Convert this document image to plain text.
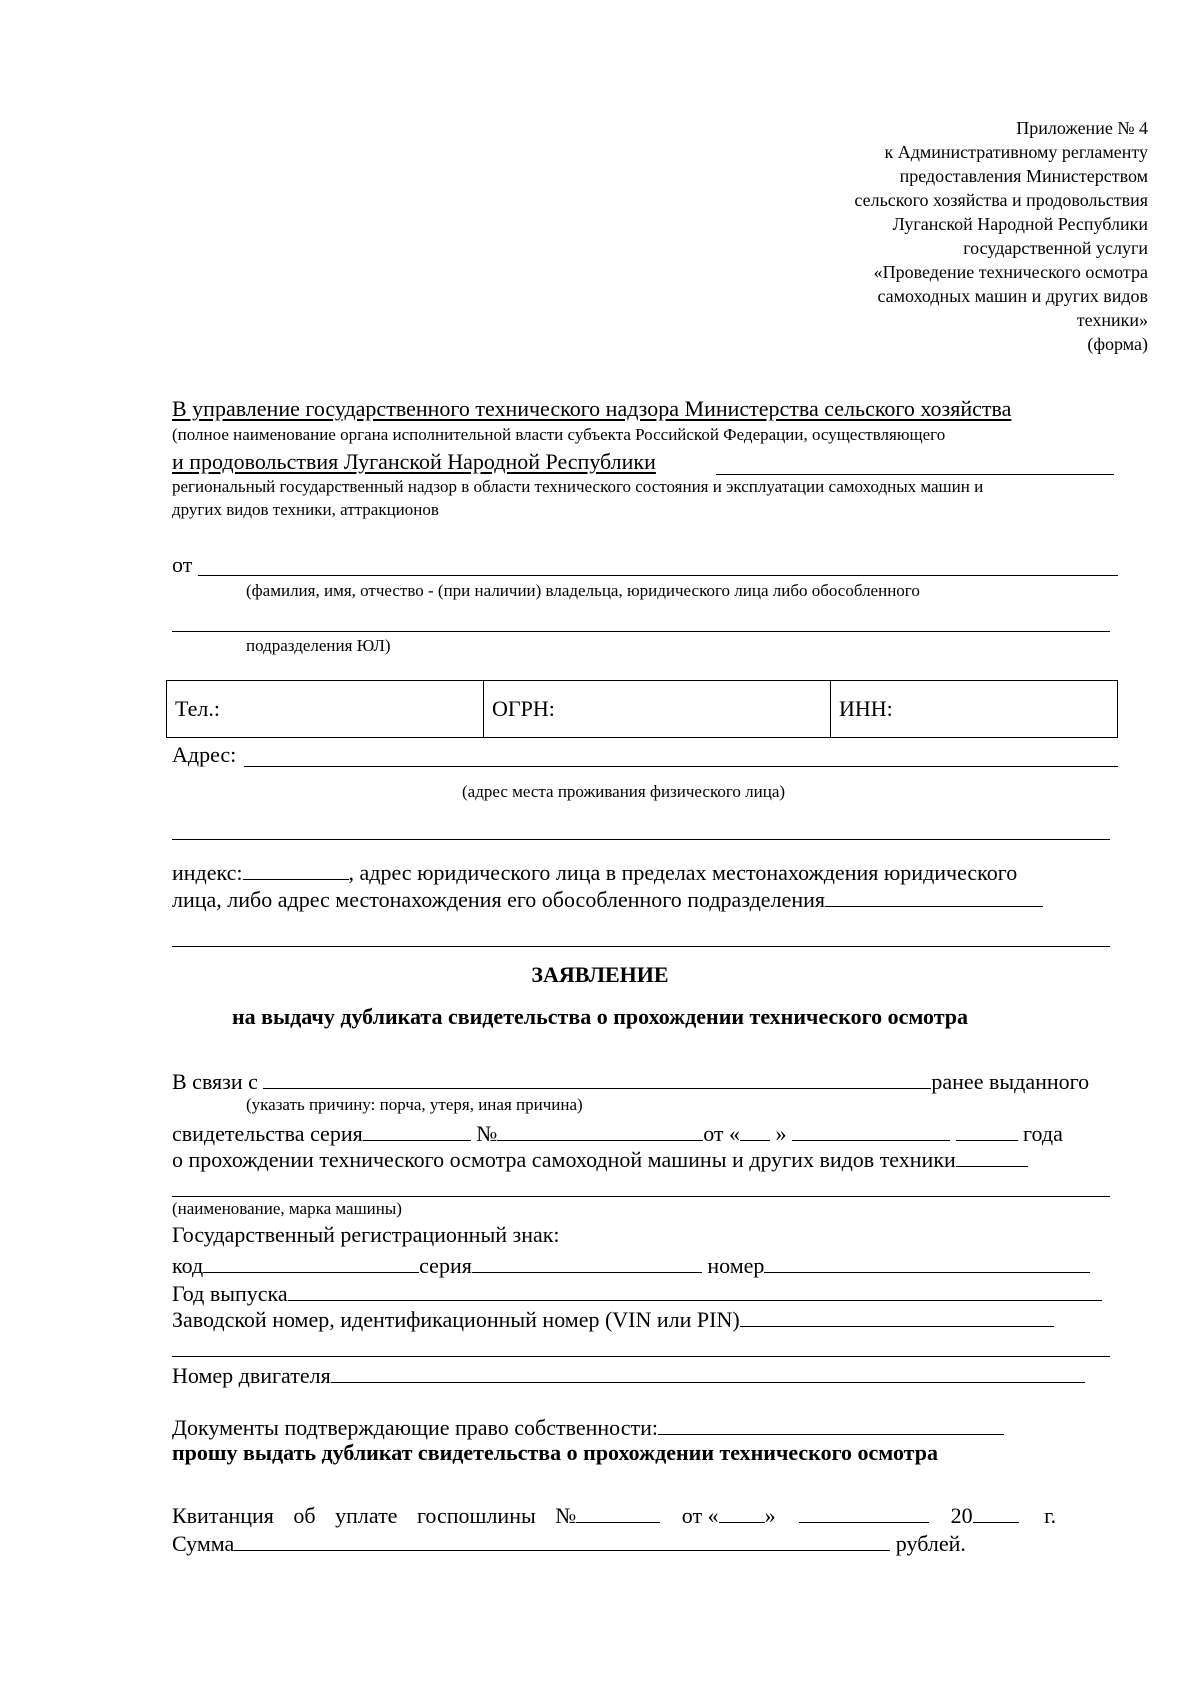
Приложение № 4
к Административному регламенту
предоставления Министерством
сельского хозяйства и продовольствия
Луганской Народной Республики
государственной услуги
«Проведение технического осмотра
самоходных машин и других видов
техники»
(форма)
В управление государственного технического надзора Министерства сельского хозяйства
(полное наименование органа исполнительной власти субъекта Российской Федерации, осуществляющего
и продовольствия Луганской Народной Республики
региональный государственный надзор в области технического состояния и эксплуатации самоходных машин и
других видов техники, аттракционов
от
(фамилия, имя, отчество - (при наличии) владельца, юридического лица либо обособленного
подразделения ЮЛ)
Тел.:	ОГРН:	ИНН:
Адрес:
(адрес места проживания физического лица)
индекс:	, адрес юридического лица в пределах местонахождения юридического
лица, либо адрес местонахождения его обособленного подразделения
ЗАЯВЛЕНИЕ
на выдачу дубликата свидетельства о прохождении технического осмотра
В связи с	ранее выданного
(указать причину: порча, утеря, иная причина)
свидетельства серия	№	от « »	года
о прохождении технического осмотра самоходной машины и других видов техники
(наименование, марка машины)
Государственный регистрационный знак:
код	серия	номер
Год выпуска
Заводской номер, идентификационный номер (VIN или PIN)
Номер двигателя
Документы подтверждающие право собственности:
прошу выдать дубликат свидетельства о прохождении технического осмотра
Квитанция об уплате госпошлины №	от « »	20	г.
Сумма	рублей.
